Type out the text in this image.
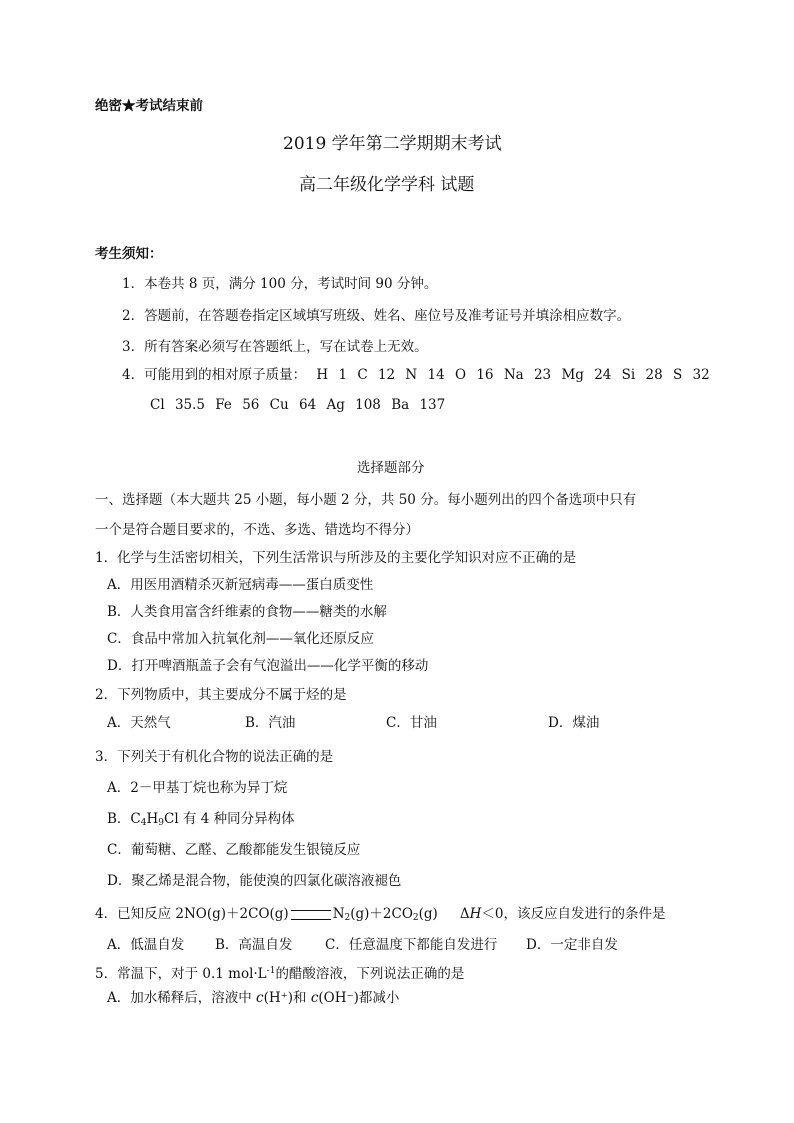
绝密★考试结束前
2019 学年第二学期期末考试
高二年级化学学科 试题
考生须知：
1．本卷共 8 页，满分 100 分，考试时间 90 分钟。
2．答题前，在答题卷指定区域填写班级、姓名、座位号及准考证号并填涂相应数字。
3．所有答案必须写在答题纸上，写在试卷上无效。
4．可能用到的相对原子质量： H 1 C 12 N 14 O 16 Na 23 Mg 24 Si 28 S 32
Cl 35.5 Fe 56 Cu 64 Ag 108 Ba 137
选择题部分
一、选择题（本大题共 25 小题，每小题 2 分，共 50 分。每小题列出的四个备选项中只有
一个是符合题目要求的，不选、多选、错选均不得分）
1．化学与生活密切相关，下列生活常识与所涉及的主要化学知识对应不正确的是
A．用医用酒精杀灭新冠病毒——蛋白质变性
B．人类食用富含纤维素的食物——糖类的水解
C．食品中常加入抗氧化剂——氧化还原反应
D．打开啤酒瓶盖子会有气泡溢出——化学平衡的移动
2．下列物质中，其主要成分不属于烃的是
A．天然气	B．汽油	C．甘油	D．煤油
3．下列关于有机化合物的说法正确的是
A．2－甲基丁烷也称为异丁烷
B．$C_4H_9Cl$ 有 4 种同分异构体
C．葡萄糖、乙醛、乙酸都能发生银镜反应
D．聚乙烯是混合物，能使溴的四氯化碳溶液褪色
4．已知反应 2NO(g)＋2CO(g)	$N_2(g)+2CO_2(g)$ ΔH＜0，该反应自发进行的条件是
A．低温自发 B．高温自发 C．任意温度下都能自发进行 D．一定非自发
5．常温下，对于 0.1 $mol\cdot L^{-1}$的醋酸溶液，下列说法正确的是
A．加水稀释后，溶液中 c(H⁺)和 c(OH⁻)都减小
